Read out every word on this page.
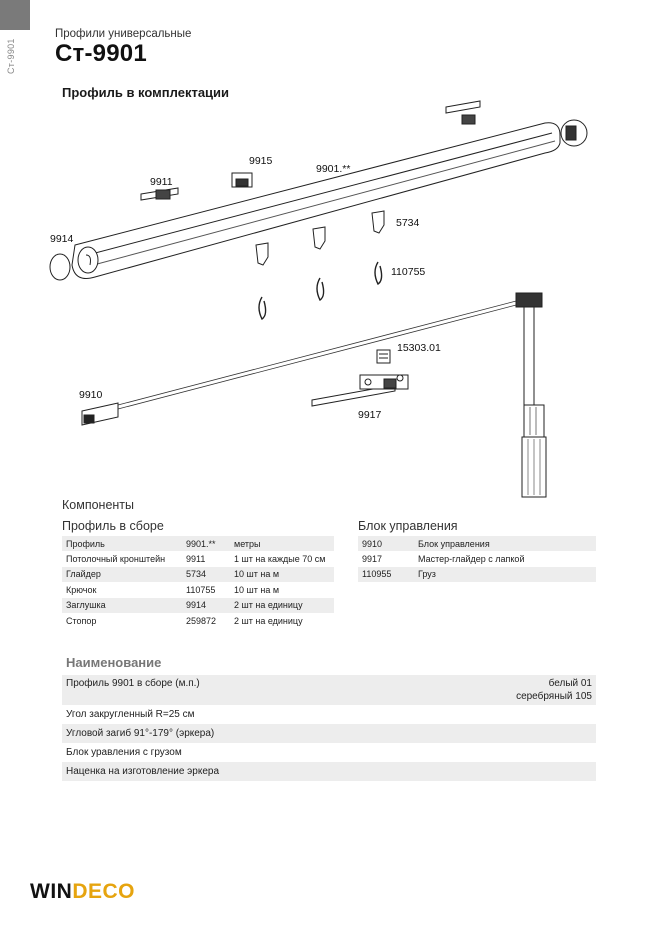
Ст-9901
Профили универсальные
Ст-9901
Профиль в комплектации
9915
9911
9901.**
5734
9914
110755
15303.01
9910
9917
Компоненты
Профиль в сборе	Блок управления
Профиль	9901.**	метры
Потолочный кронштейн	9911	1 шт на каждые 70 см
Глайдер	5734	10 шт на м
Крючок	110755	10 шт на м
Заглушка	9914	2 шт на единицу
Стопор	259872	2 шт на единицу
9910	Блок управления
9917	Мастер-глайдер с лапкой
110955	Груз
Наименование
Профиль 9901 в сборе (м.п.)	белый 01
серебряный 105
Угол закругленный R=25 см
Угловой загиб 91°-179° (эркера)
Блок уравления с грузом
Наценка на изготовление эркера
WINDECO
